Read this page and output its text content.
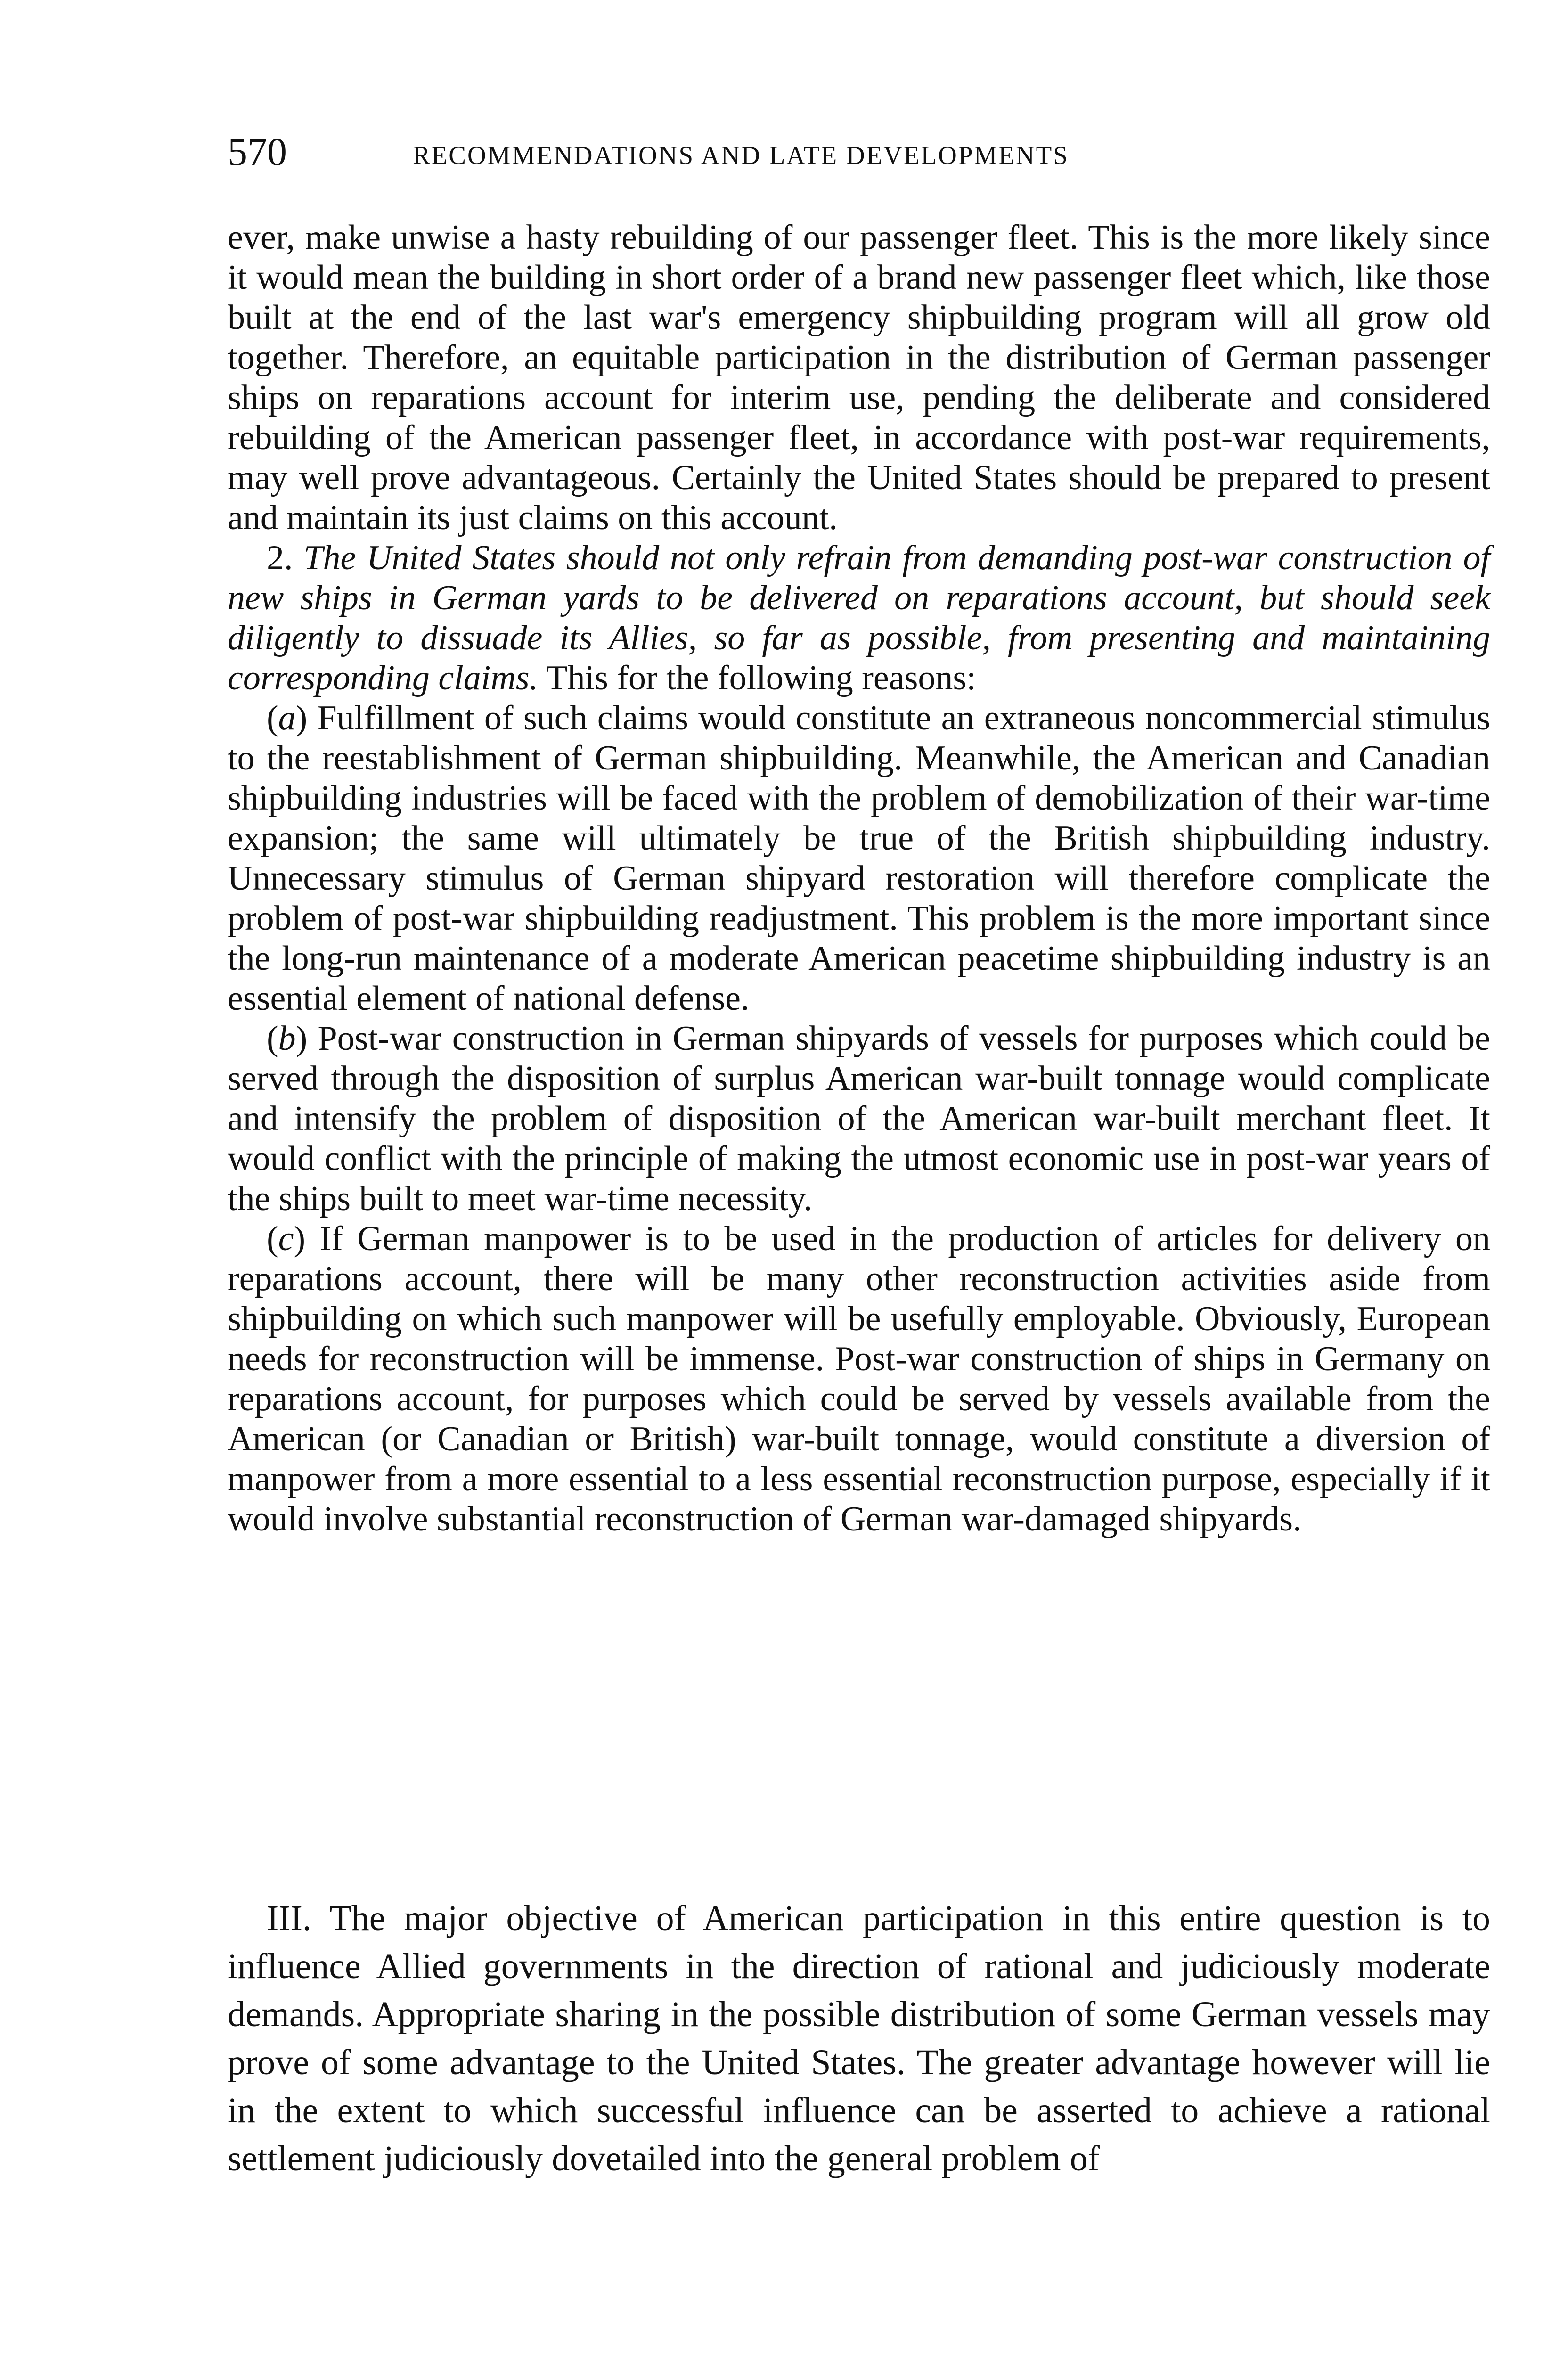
570	RECOMMENDATIONS AND LATE DEVELOPMENTS

ever, make unwise a hasty rebuilding of our passenger fleet. This is the more likely since it would mean the building in short order of a brand new passenger fleet which, like those built at the end of the last war's emergency shipbuilding program will all grow old together. Therefore, an equitable participation in the distribution of German passenger ships on reparations account for interim use, pending the deliberate and considered rebuilding of the American passenger fleet, in accordance with post-war requirements, may well prove advantageous. Certainly the United States should be prepared to present and maintain its just claims on this account.

2. The United States should not only refrain from demanding post-war construction of new ships in German yards to be delivered on reparations account, but should seek diligently to dissuade its Allies, so far as possible, from presenting and maintaining corresponding claims. This for the following reasons:

(a) Fulfillment of such claims would constitute an extraneous noncommercial stimulus to the reestablishment of German shipbuilding. Meanwhile, the American and Canadian shipbuilding industries will be faced with the problem of demobilization of their war-time expansion; the same will ultimately be true of the British shipbuilding industry. Unnecessary stimulus of German shipyard restoration will therefore complicate the problem of post-war shipbuilding readjustment. This problem is the more important since the long-run maintenance of a moderate American peacetime shipbuilding industry is an essential element of national defense.

(b) Post-war construction in German shipyards of vessels for purposes which could be served through the disposition of surplus American war-built tonnage would complicate and intensify the problem of disposition of the American war-built merchant fleet. It would conflict with the principle of making the utmost economic use in post-war years of the ships built to meet war-time necessity.

(c) If German manpower is to be used in the production of articles for delivery on reparations account, there will be many other reconstruction activities aside from shipbuilding on which such manpower will be usefully employable. Obviously, European needs for reconstruction will be immense. Post-war construction of ships in Germany on reparations account, for purposes which could be served by vessels available from the American (or Canadian or British) war-built tonnage, would constitute a diversion of manpower from a more essential to a less essential reconstruction purpose, especially if it would involve substantial reconstruction of German war-damaged shipyards.

III. The major objective of American participation in this entire question is to influence Allied governments in the direction of rational and judiciously moderate demands. Appropriate sharing in the possible distribution of some German vessels may prove of some advantage to the United States. The greater advantage however will lie in the extent to which successful influence can be asserted to achieve a rational settlement judiciously dovetailed into the general problem of
